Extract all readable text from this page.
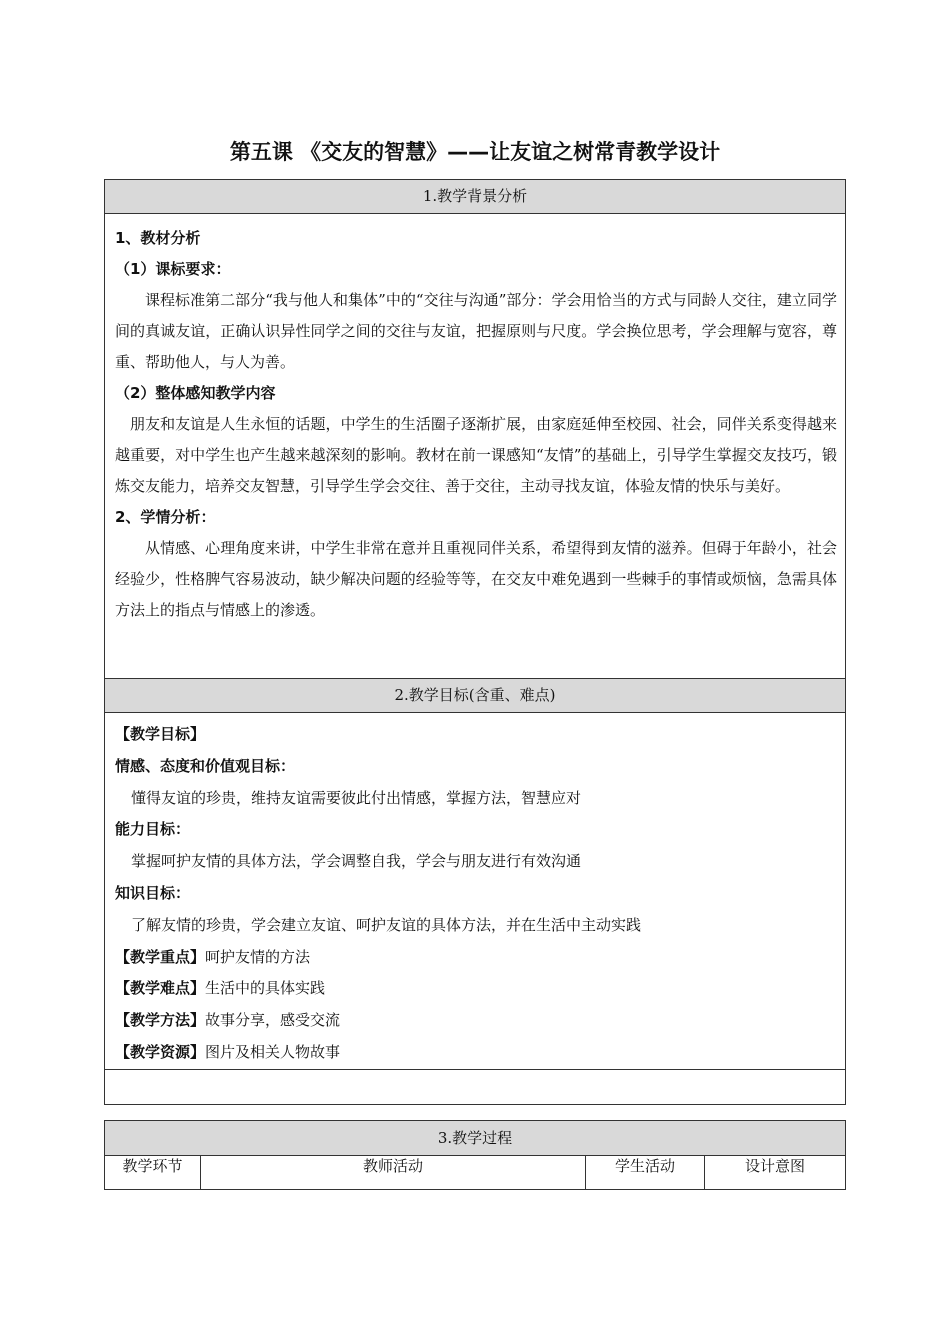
第五课 《交友的智慧》——让友谊之树常青教学设计
1.教学背景分析

1、教材分析
（1）课标要求：
课程标准第二部分“我与他人和集体”中的“交往与沟通”部分：学会用恰当的方式与同龄人交往，建立同学间的真诚友谊，正确认识异性同学之间的交往与友谊，把握原则与尺度。学会换位思考，学会理解与宽容，尊重、帮助他人，与人为善。
（2）整体感知教学内容
朋友和友谊是人生永恒的话题，中学生的生活圈子逐渐扩展，由家庭延伸至校园、社会，同伴关系变得越来越重要，对中学生也产生越来越深刻的影响。教材在前一课感知“友情”的基础上，引导学生掌握交友技巧，锻炼交友能力，培养交友智慧，引导学生学会交往、善于交往，主动寻找友谊，体验友情的快乐与美好。
2、学情分析：
从情感、心理角度来讲，中学生非常在意并且重视同伴关系，希望得到友情的滋养。但碍于年龄小，社会经验少，性格脾气容易波动，缺少解决问题的经验等等，在交友中难免遇到一些棘手的事情或烦恼，急需具体方法上的指点与情感上的渗透。

2.教学目标(含重、难点)

【教学目标】
情感、态度和价值观目标：
懂得友谊的珍贵，维持友谊需要彼此付出情感，掌握方法，智慧应对
能力目标：
掌握呵护友情的具体方法，学会调整自我，学会与朋友进行有效沟通
知识目标：
了解友情的珍贵，学会建立友谊、呵护友谊的具体方法，并在生活中主动实践
【教学重点】呵护友情的方法
【教学难点】生活中的具体实践
【教学方法】故事分享，感受交流
【教学资源】图片及相关人物故事

3.教学过程
教学环节	教师活动	学生活动	设计意图
